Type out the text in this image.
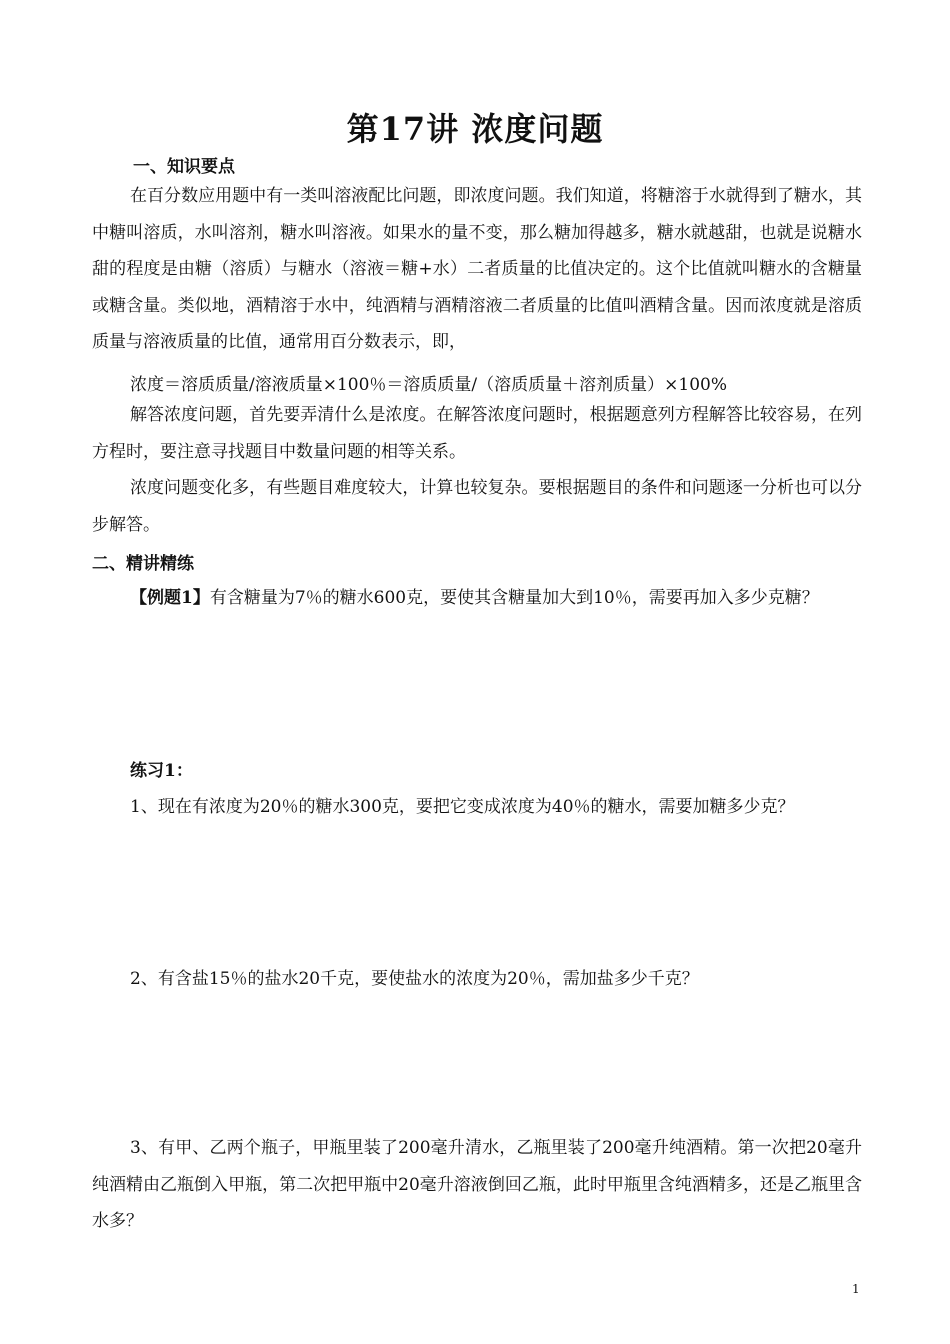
第17讲 浓度问题
一、知识要点
在百分数应用题中有一类叫溶液配比问题，即浓度问题。我们知道，将糖溶于水就得到了糖水，其中糖叫溶质，水叫溶剂，糖水叫溶液。如果水的量不变，那么糖加得越多，糖水就越甜，也就是说糖水甜的程度是由糖（溶质）与糖水（溶液＝糖+水）二者质量的比值决定的。这个比值就叫糖水的含糖量或糖含量。类似地，酒精溶于水中，纯酒精与酒精溶液二者质量的比值叫酒精含量。因而浓度就是溶质质量与溶液质量的比值，通常用百分数表示，即，
浓度＝溶质质量/溶液质量×100％＝溶质质量/（溶质质量＋溶剂质量）×100%
解答浓度问题，首先要弄清什么是浓度。在解答浓度问题时，根据题意列方程解答比较容易，在列方程时，要注意寻找题目中数量问题的相等关系。
浓度问题变化多，有些题目难度较大，计算也较复杂。要根据题目的条件和问题逐一分析也可以分步解答。
二、精讲精练
【例题1】有含糖量为7％的糖水600克，要使其含糖量加大到10％，需要再加入多少克糖？
练习1：
1、现在有浓度为20％的糖水300克，要把它变成浓度为40％的糖水，需要加糖多少克？
2、有含盐15％的盐水20千克，要使盐水的浓度为20％，需加盐多少千克？
3、有甲、乙两个瓶子，甲瓶里装了200毫升清水，乙瓶里装了200毫升纯酒精。第一次把20毫升纯酒精由乙瓶倒入甲瓶，第二次把甲瓶中20毫升溶液倒回乙瓶，此时甲瓶里含纯酒精多，还是乙瓶里含水多？
1
